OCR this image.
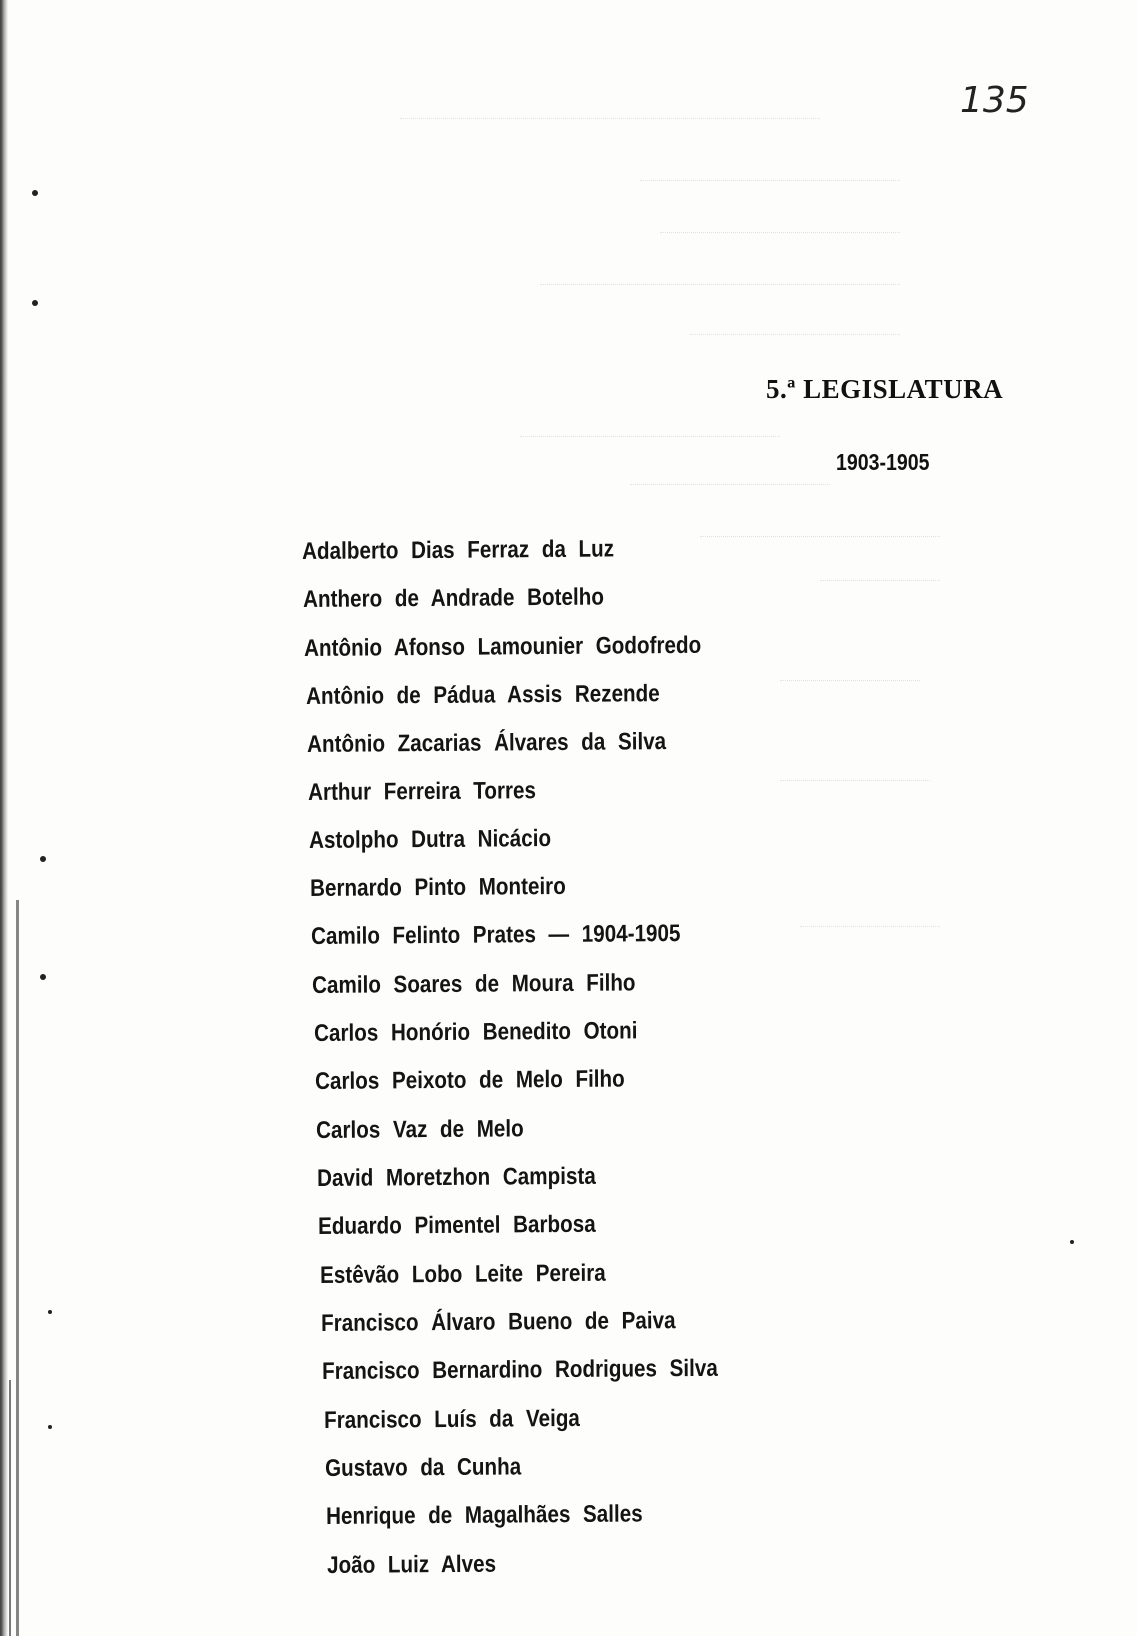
135
5.ª LEGISLATURA
1903-1905
Adalberto Dias Ferraz da Luz
Anthero de Andrade Botelho
Antônio Afonso Lamounier Godofredo
Antônio de Pádua Assis Rezende
Antônio Zacarias Álvares da Silva
Arthur Ferreira Torres
Astolpho Dutra Nicácio
Bernardo Pinto Monteiro
Camilo Felinto Prates — 1904-1905
Camilo Soares de Moura Filho
Carlos Honório Benedito Otoni
Carlos Peixoto de Melo Filho
Carlos Vaz de Melo
David Moretzhon Campista
Eduardo Pimentel Barbosa
Estêvão Lobo Leite Pereira
Francisco Álvaro Bueno de Paiva
Francisco Bernardino Rodrigues Silva
Francisco Luís da Veiga
Gustavo da Cunha
Henrique de Magalhães Salles
João Luiz Alves
